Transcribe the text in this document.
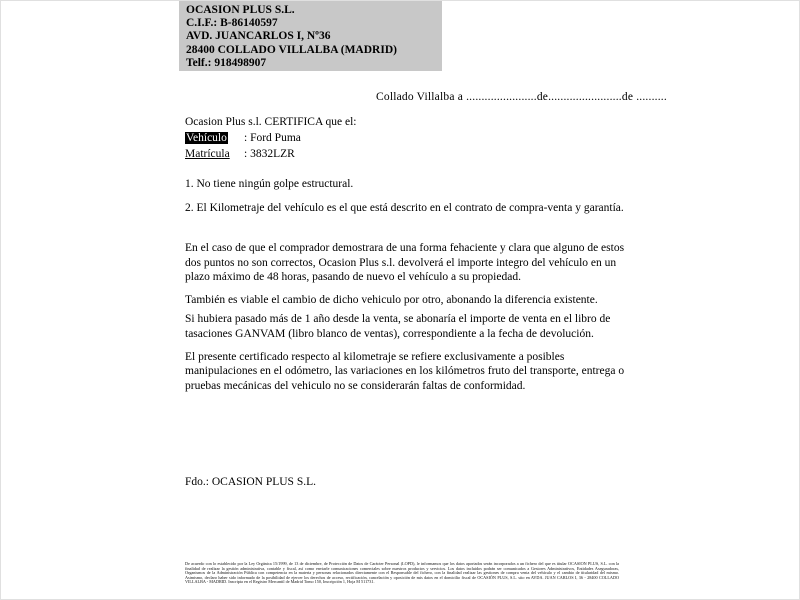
OCASION PLUS S.L.
C.I.F.: B-86140597
AVD. JUANCARLOS I, Nº36
28400 COLLADO VILLALBA (MADRID)
Telf.: 918498907
Collado Villalba a .......................de........................de ..........
Ocasion Plus s.l. CERTIFICA que el:
Vehículo : Ford Puma
Matrícula : 3832LZR

1. No tiene ningún golpe estructural.

2. El Kilometraje del vehículo es el que está descrito en el contrato de compra-venta y garantía.

En el caso de que el comprador demostrara de una forma fehaciente y clara que alguno de estos dos puntos no son correctos, Ocasion Plus s.l. devolverá el importe integro del vehículo en un plazo máximo de 48 horas, pasando de nuevo el vehículo a su propiedad.

También es viable el cambio de dicho vehiculo por otro, abonando la diferencia existente.

Si hubiera pasado más de 1 año desde la venta, se abonaría el importe de venta en el libro de tasaciones GANVAM (libro blanco de ventas), correspondiente a la fecha de devolución.

El presente certificado respecto al kilometraje se refiere exclusivamente a posibles manipulaciones en el odómetro, las variaciones en los kilómetros fruto del transporte, entrega o pruebas mecánicas del vehiculo no se considerarán faltas de conformidad.

Fdo.: OCASION PLUS S.L.
De acuerdo con lo establecido por la Ley Orgánica 15/1999, de 13 de diciembre, de Protección de Datos de Carácter Personal (LOPD), le informamos que los datos aportados serán incorporados a un fichero del que es titular OCASION PLUS, S.L. con la finalidad de realizar la gestión administrativa, contable y fiscal, así como enviarle comunicaciones comerciales sobre nuestros productos y servicios. Los datos incluidos podrán ser comunicados a Gestores Administrativos, Entidades Aseguradoras, Organismos de la Administración Pública con competencia en la materia y personas relacionados directamente con el Responsable del fichero, con la finalidad realizar las gestiones de compra venta del vehículo y el cambio de titularidad del mismo. Asimismo, declaro haber sido informado de la posibilidad de ejercer los derechos de acceso, rectificación, cancelación y oposición de mis datos en el domicilio fiscal de OCASIÓN PLUS, S.L. sito en AVDA. JUAN CARLOS I, 36 - 28400 COLLADO VILLALBA - MADRID. Inscripta en el Registro Mercantil de Madrid Tomo 150, Inscripción 1, Hoja M 511731.
